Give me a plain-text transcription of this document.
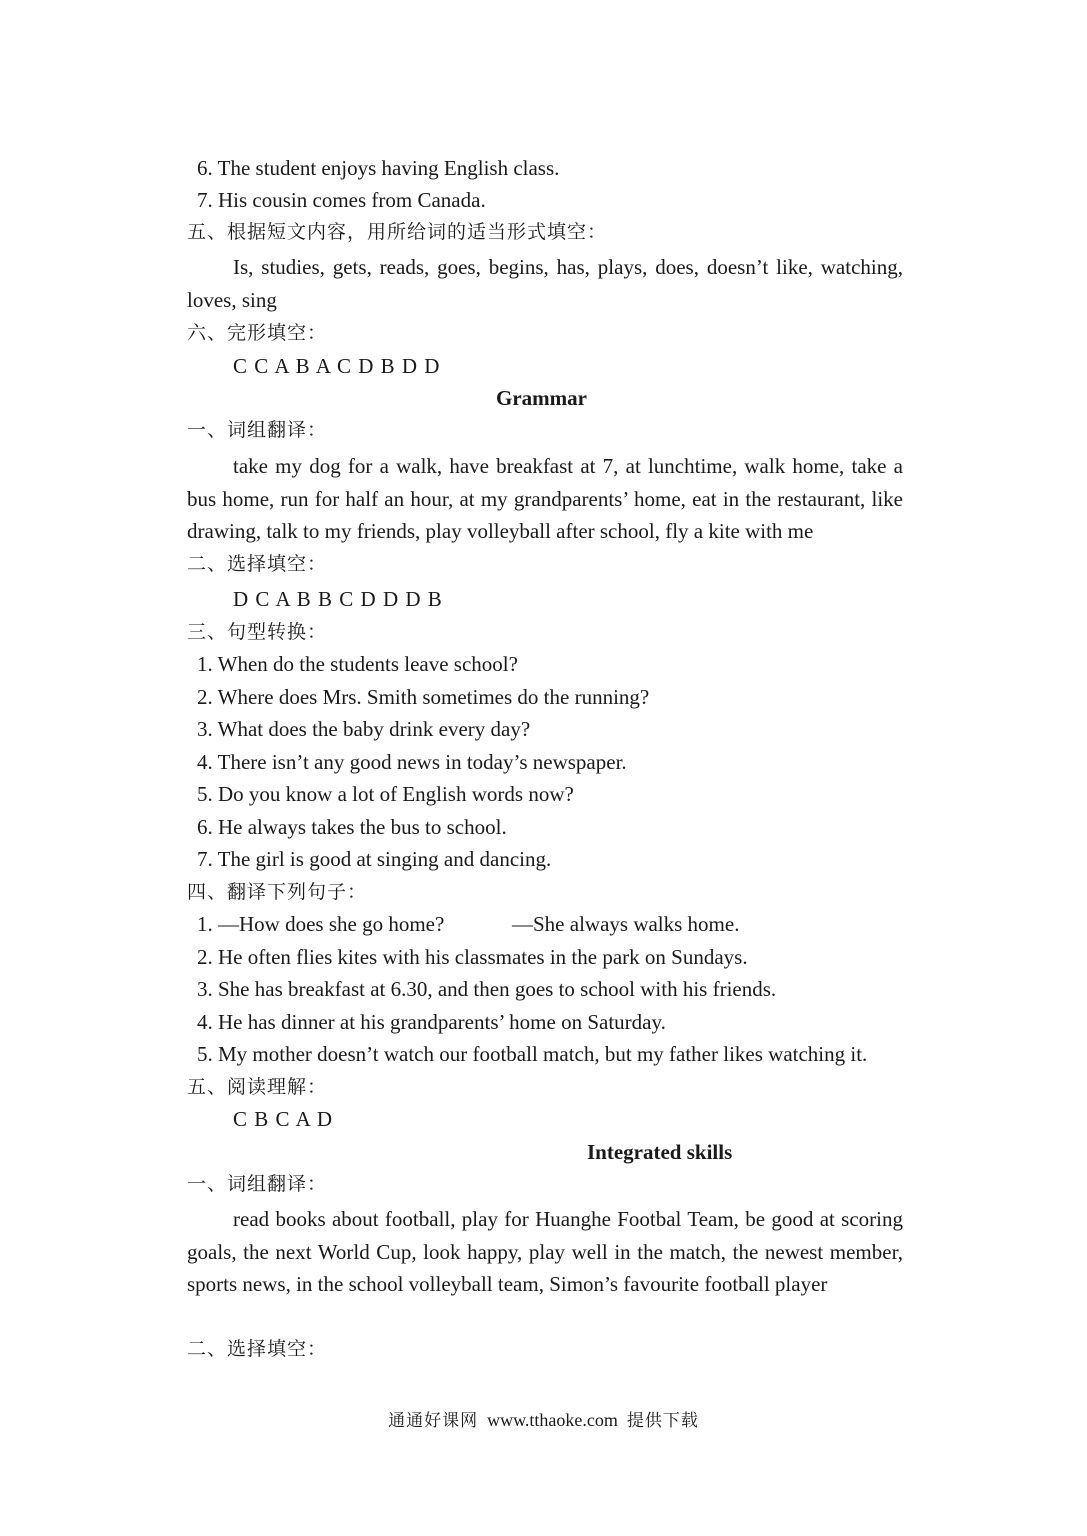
6. The student enjoys having English class.
7. His cousin comes from Canada.
五、根据短文内容，用所给词的适当形式填空：
Is, studies, gets, reads, goes, begins, has, plays, does, doesn’t like, watching, loves, sing
六、完形填空：
C C A B A C D B D D
Grammar
一、词组翻译：
take my dog for a walk, have breakfast at 7, at lunchtime, walk home, take a bus home, run for half an hour, at my grandparents’ home, eat in the restaurant, like drawing, talk to my friends, play volleyball after school, fly a kite with me
二、选择填空：
D C A B B C D D D B
三、句型转换：
1. When do the students leave school?
2. Where does Mrs. Smith sometimes do the running?
3. What does the baby drink every day?
4. There isn’t any good news in today’s newspaper.
5. Do you know a lot of English words now?
6. He always takes the bus to school.
7. The girl is good at singing and dancing.
四、翻译下列句子：
1. —How does she go home?	—She always walks home.
2. He often flies kites with his classmates in the park on Sundays.
3. She has breakfast at 6.30, and then goes to school with his friends.
4. He has dinner at his grandparents’ home on Saturday.
5. My mother doesn’t watch our football match, but my father likes watching it.
五、阅读理解：
C B C A D
Integrated skills
一、词组翻译：
read books about football, play for Huanghe Footbal Team, be good at scoring goals, the next World Cup, look happy, play well in the match, the newest member, sports news, in the school volleyball team, Simon’s favourite football player
二、选择填空：
通通好课网 www.tthaoke.com 提供下载
